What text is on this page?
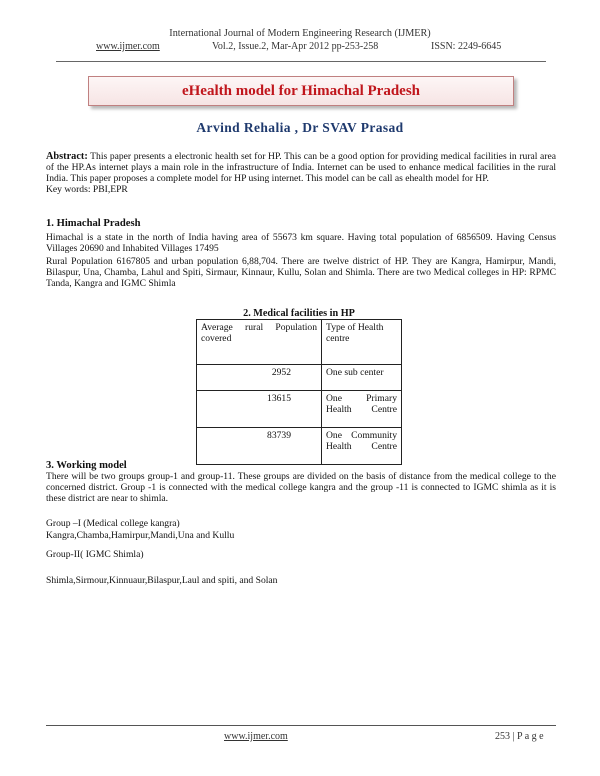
International Journal of Modern Engineering Research (IJMER)
www.ijmer.com	Vol.2, Issue.2, Mar-Apr 2012 pp-253-258	ISSN: 2249-6645
eHealth model for Himachal Pradesh
Arvind Rehalia , Dr SVAV Prasad
Abstract: This paper presents a electronic health set for HP. This can be a good option for providing medical facilities in rural area of the HP.As internet plays a main role in the infrastructure of India. Internet can be used to enhance medical facilities in the rural India. This paper proposes a complete model for HP using internet. This model can be call as ehealth model for HP.
Key words: PBI,EPR
1. Himachal Pradesh
Himachal is a state in the north of India having area of 55673 km square. Having total population of 6856509. Having Census Villages 20690 and Inhabited Villages 17495
Rural Population 6167805 and urban population 6,88,704. There are twelve district of HP. They are Kangra, Hamirpur, Mandi, Bilaspur, Una, Chamba, Lahul and Spiti, Sirmaur, Kinnaur, Kullu, Solan and Shimla. There are two Medical colleges in HP: RPMC Tanda, Kangra and IGMC Shimla
2. Medical facilities in HP
Average rural Population covered	Type of Health centre
2952	One sub center
13615	One Primary Health Centre
83739	One Community Health Centre
3. Working model
There will be two groups group-1 and group-11. These groups are divided on the basis of distance from the medical college to the concerned district. Group -1 is connected with the medical college kangra and the group -11 is connected to IGMC shimla as it is these district are near to shimla.
Group –I (Medical college kangra)
Kangra,Chamba,Hamirpur,Mandi,Una and Kullu
Group-II( IGMC Shimla)
Shimla,Sirmour,Kinnuaur,Bilaspur,Laul and spiti, and Solan
www.ijmer.com	253 | P a g e
